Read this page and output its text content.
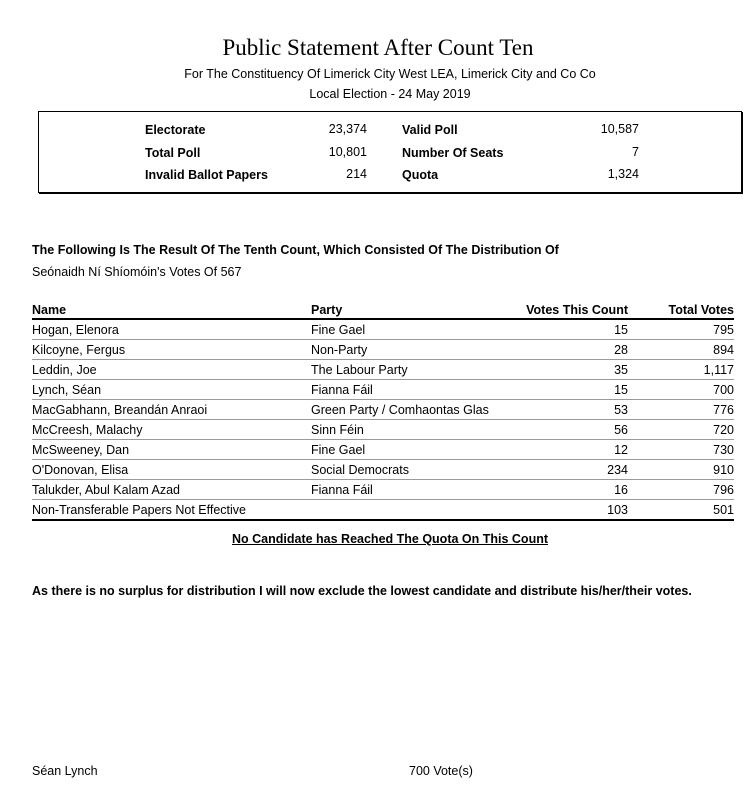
Public Statement After Count Ten
For The Constituency Of Limerick City West LEA, Limerick City and Co Co
Local Election - 24 May 2019
Electorate	23,374
Total Poll	10,801
Invalid Ballot Papers	214
Valid Poll	10,587
Number Of Seats	7
Quota	1,324
The Following Is The Result Of The Tenth Count, Which Consisted Of The Distribution Of
Seónaidh Ní Shíomóin's Votes Of 567
Name	Party	Votes This Count	Total Votes
Hogan, Elenora	Fine Gael	15	795
Kilcoyne, Fergus	Non-Party	28	894
Leddin, Joe	The Labour Party	35	1,117
Lynch, Séan	Fianna Fáil	15	700
MacGabhann, Breandán Anraoi	Green Party / Comhaontas Glas	53	776
McCreesh, Malachy	Sinn Féin	56	720
McSweeney, Dan	Fine Gael	12	730
O'Donovan, Elisa	Social Democrats	234	910
Talukder, Abul Kalam Azad	Fianna Fáil	16	796
Non-Transferable Papers Not Effective		103	501
No Candidate has Reached The Quota On This Count
As there is no surplus for distribution I will now exclude the lowest candidate and distribute his/her/their votes.
Séan Lynch	700 Vote(s)
